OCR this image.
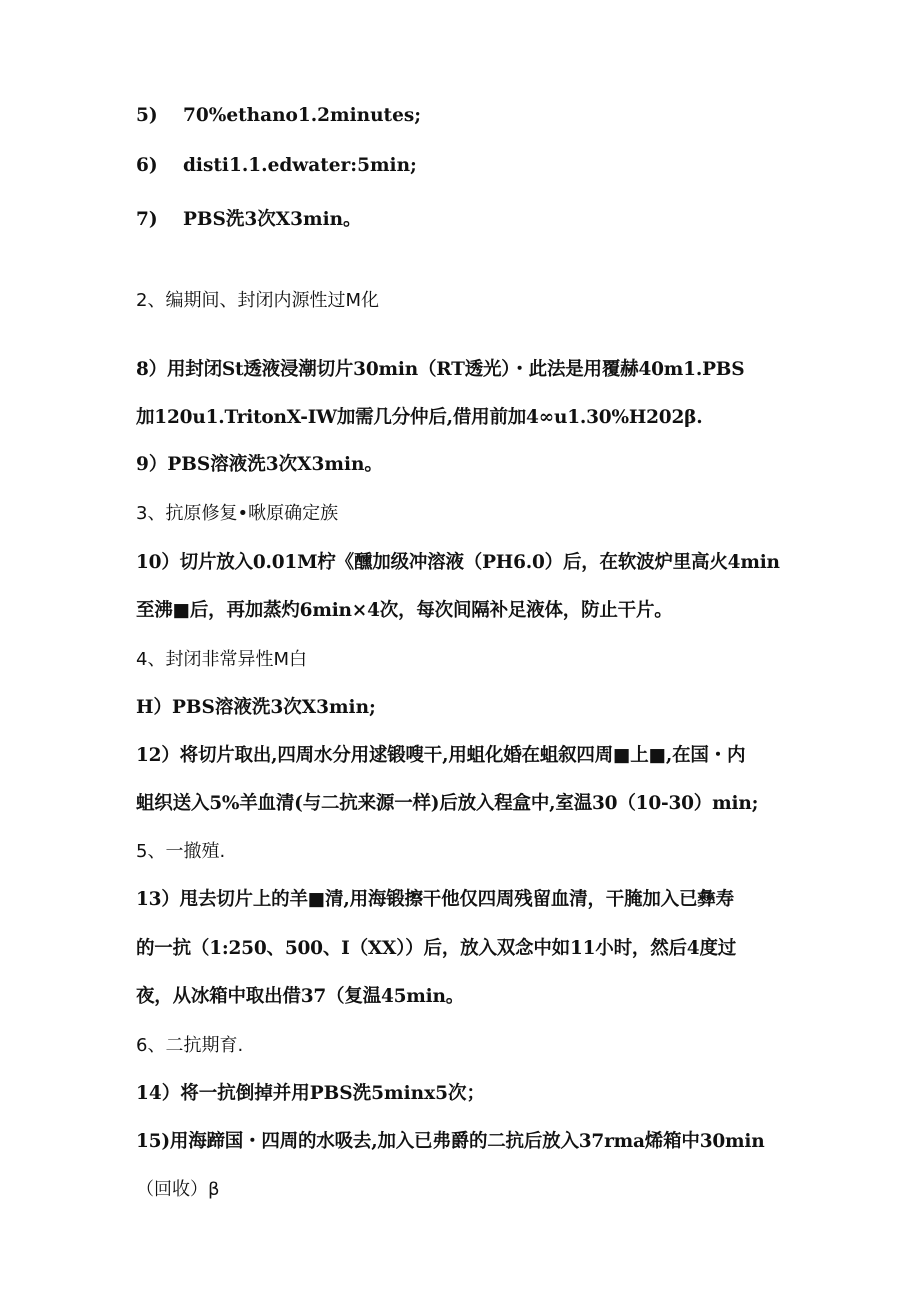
5) 70%ethano1.2minutes;
6) disti1.1.edwater:5min;
7) PBS洗3次X3min。
2、编期间、封闭内源性过M化
8）用封闭St透液浸潮切片30min（RT透光）・此法是用覆赫40m1.PBS
加120u1.TritonX-IW加需几分仲后,借用前加4∞u1.30%H202β.
9）PBS溶液洗3次X3min。
3、抗原修复•啾原确定族
10）切片放入0.01M柠《醺加级冲溶液（PH6.0）后，在软波炉里高火4min
至沸■后，再加蒸灼6min×4次，每次间隔补足液体，防止干片。
4、封闭非常异性M白
H）PBS溶液洗3次X3min;
12）将切片取出,四周水分用逑锻嗖干,用蛆化婚在蛆叙四周■上■,在国・内
蛆织送入5%羊血清(与二抗来源一样)后放入程盒中,室温30（10-30）min;
5、一撤殖.
13）甩去切片上的羊■清,用海锻擦干他仅四周残留血清，干腌加入已彝寿
的一抗（1:250、500、I（XX））后，放入双念中如11小时，然后4度过
夜，从冰箱中取出借37（复温45min。
6、二抗期育.
14）将一抗倒掉并用PBS洗5minx5次；
15)用海蹄国・四周的水吸去,加入已弗爵的二抗后放入37rma烯箱中30min
（回收）β
